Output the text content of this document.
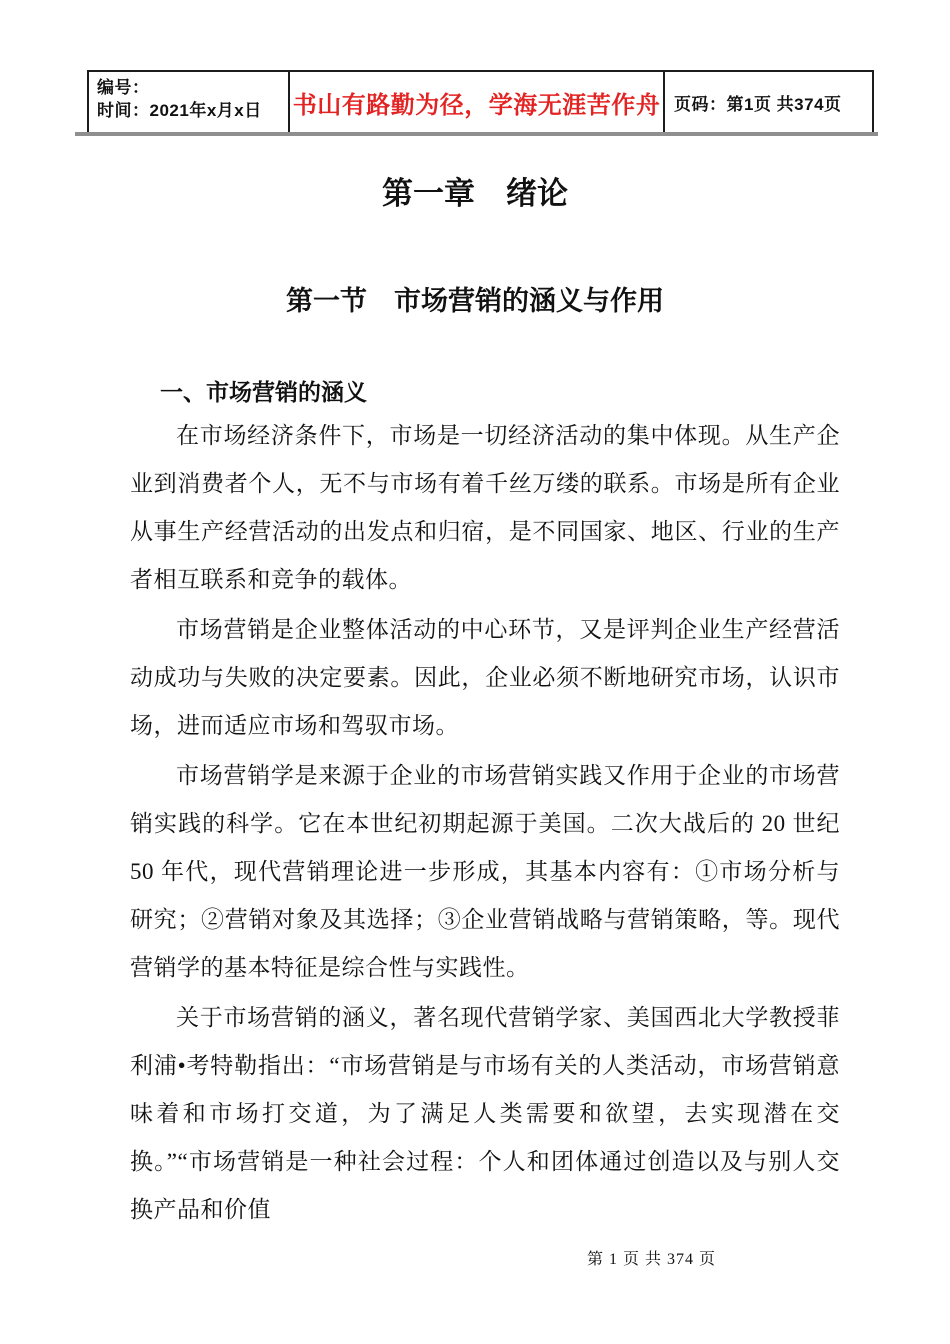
编号：
时间：2021年x月x日	书山有路勤为径，学海无涯苦作舟 页码：第1页 共374页
第一章　绪论
第一节　市场营销的涵义与作用
一、市场营销的涵义

在市场经济条件下，市场是一切经济活动的集中体现。从生产企业到消费者个人，无不与市场有着千丝万缕的联系。市场是所有企业从事生产经营活动的出发点和归宿，是不同国家、地区、行业的生产者相互联系和竞争的载体。

市场营销是企业整体活动的中心环节，又是评判企业生产经营活动成功与失败的决定要素。因此，企业必须不断地研究市场，认识市场，进而适应市场和驾驭市场。

市场营销学是来源于企业的市场营销实践又作用于企业的市场营销实践的科学。它在本世纪初期起源于美国。二次大战后的 20 世纪50 年代，现代营销理论进一步形成，其基本内容有：①市场分析与研究；②营销对象及其选择；③企业营销战略与营销策略，等。现代营销学的基本特征是综合性与实践性。

关于市场营销的涵义，著名现代营销学家、美国西北大学教授菲利浦•考特勒指出：“市场营销是与市场有关的人类活动，市场营销意味着和市场打交道，为了满足人类需要和欲望，去实现潜在交换。”“市场营销是一种社会过程：个人和团体通过创造以及与别人交换产品和价值

第 1 页 共 374 页
